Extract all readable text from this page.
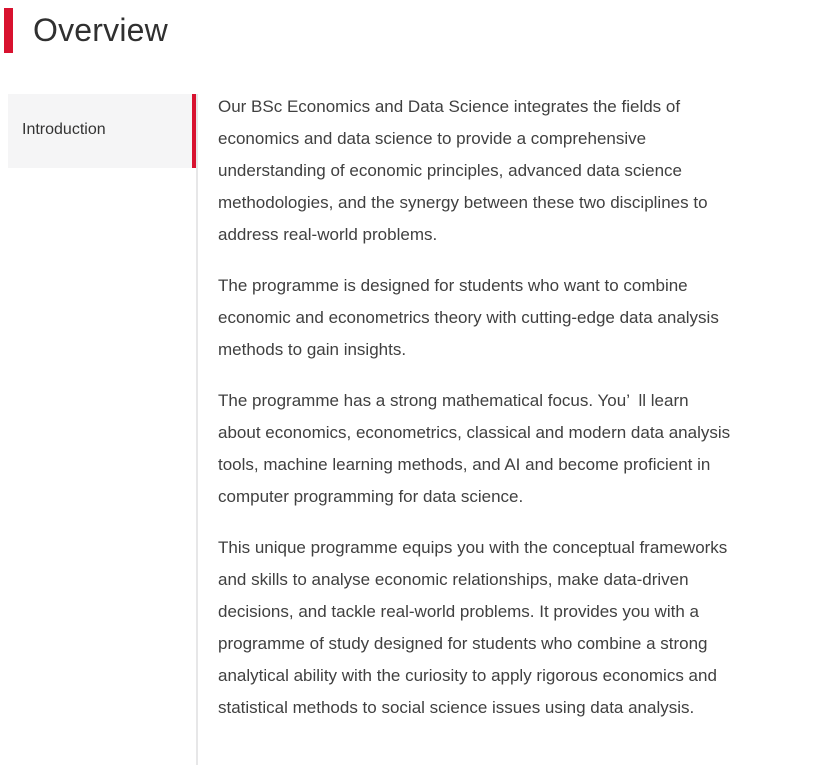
Overview
Introduction

Our BSc Economics and Data Science integrates the fields of economics and data science to provide a comprehensive understanding of economic principles, advanced data science methodologies, and the synergy between these two disciplines to address real-world problems.

The programme is designed for students who want to combine economic and econometrics theory with cutting-edge data analysis methods to gain insights.

The programme has a strong mathematical focus. You’ ll learn about economics, econometrics, classical and modern data analysis tools, machine learning methods, and AI and become proficient in computer programming for data science.

This unique programme equips you with the conceptual frameworks and skills to analyse economic relationships, make data-driven decisions, and tackle real-world problems. It provides you with a programme of study designed for students who combine a strong analytical ability with the curiosity to apply rigorous economics and statistical methods to social science issues using data analysis.
